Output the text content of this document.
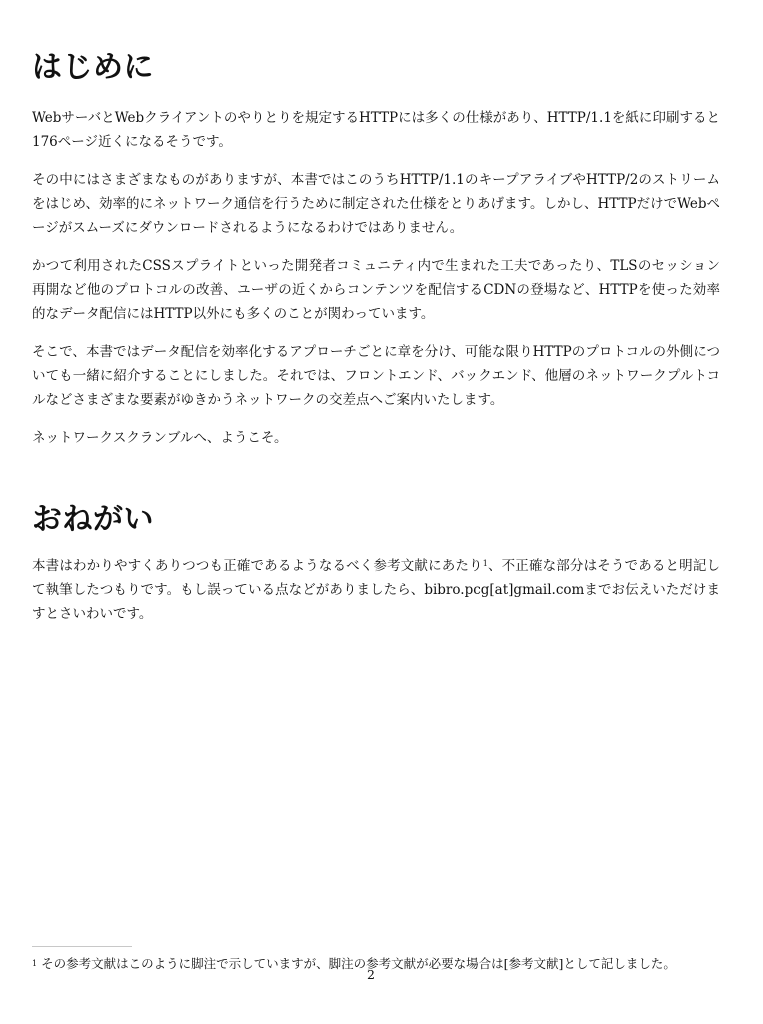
はじめに

WebサーバとWebクライアントのやりとりを規定するHTTPには多くの仕様があり、HTTP/1.1を紙に印刷すると176ページ近くになるそうです。

その中にはさまざまなものがありますが、本書ではこのうちHTTP/1.1のキープアライブやHTTP/2のストリームをはじめ、効率的にネットワーク通信を行うために制定された仕様をとりあげます。しかし、HTTPだけでWebページがスムーズにダウンロードされるようになるわけではありません。

かつて利用されたCSSスプライトといった開発者コミュニティ内で生まれた工夫であったり、TLSのセッション再開など他のプロトコルの改善、ユーザの近くからコンテンツを配信するCDNの登場など、HTTPを使った効率的なデータ配信にはHTTP以外にも多くのことが関わっています。

そこで、本書ではデータ配信を効率化するアプローチごとに章を分け、可能な限りHTTPのプロトコルの外側についても一緒に紹介することにしました。それでは、フロントエンド、バックエンド、他層のネットワークプルトコルなどさまざまな要素がゆきかうネットワークの交差点へご案内いたします。

ネットワークスクランブルへ、ようこそ。

おねがい

本書はわかりやすくありつつも正確であるようなるべく参考文献にあたり$^1$、不正確な部分はそうであると明記して執筆したつもりです。もし誤っている点などがありましたら、bibro.pcg[at]gmail.comまでお伝えいただけますとさいわいです。

$^1$ その参考文献はこのように脚注で示していますが、脚注の参考文献が必要な場合は[参考文献]として記しました。
2
